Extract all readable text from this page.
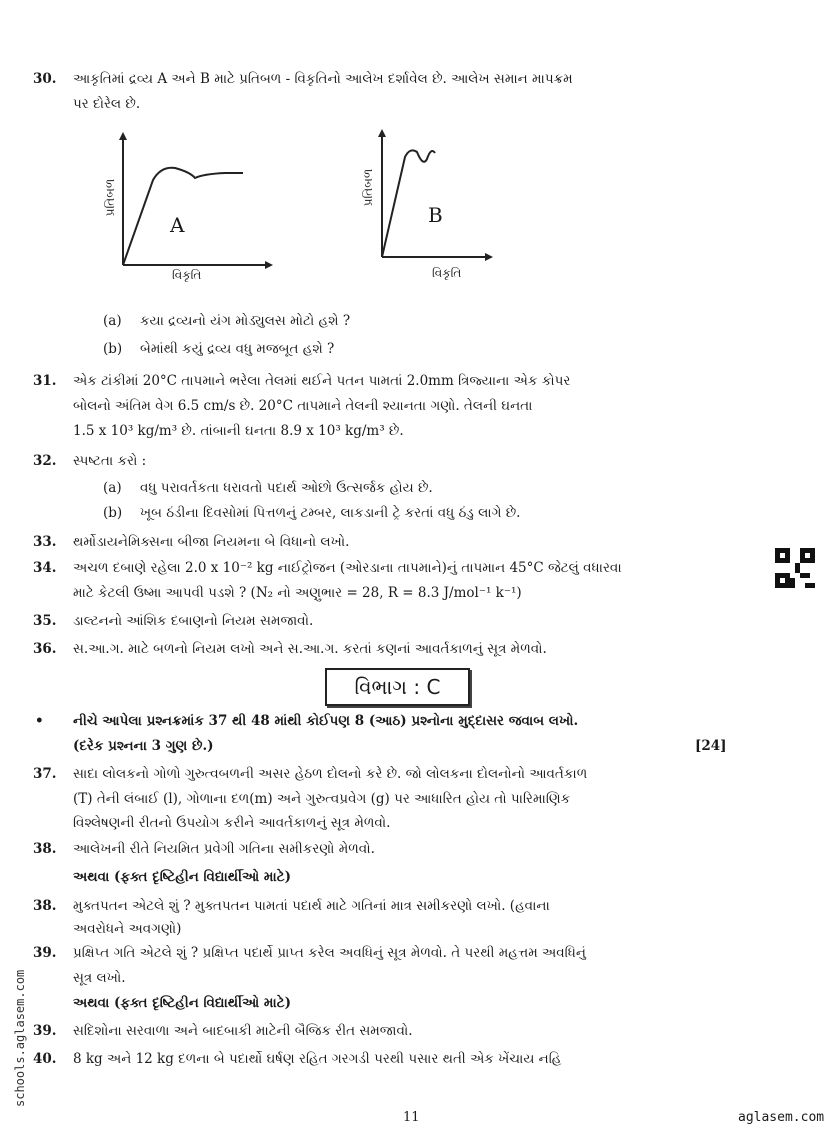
30. આકૃતિમાં દ્રવ્ય A અને B માટે પ્રતિબળ - વિકૃતિનો આલેખ દર્શાવેલ છે. આલેખ સમાન માપક્રમ
પર દોરેલ છે.
પ્રતિબળ
A
વિકૃતિ
પ્રતિબળ
B
વિકૃતિ
(a) કયા દ્રવ્યનો યંગ મોડ્યુલસ મોટો હશે ?
(b) બેમાંથી કયું દ્રવ્ય વધુ મજબૂત હશે ?
31. એક ટાંકીમાં 20°C તાપમાને ભરેલા તેલમાં થઈને પતન પામતાં 2.0mm ત્રિજ્યાના એક કોપર
બોલનો અંતિમ વેગ 6.5 cm/s છે. 20°C તાપમાને તેલની શ્યાનતા ગણો. તેલની ઘનતા
1.5 x 10³ kg/m³ છે. તાંબાની ઘનતા 8.9 x 10³ kg/m³ છે.
32. સ્પષ્ટતા કરો :
(a) વધુ પરાવર્તકતા ધરાવતો પદાર્થ ઓછો ઉત્સર્જક હોય છે.
(b) ખૂબ ઠંડીના દિવસોમાં પિત્તળનું ટમ્બર, લાકડાની ટ્રે કરતાં વધુ ઠંડુ લાગે છે.
33. થર્મોડાયનેમિક્સના બીજા નિયમના બે વિધાનો લખો.
34. અચળ દબાણે રહેલા 2.0 x 10⁻² kg નાઈટ્રોજન (ઓરડાના તાપમાને)નું તાપમાન 45°C જેટલું વધારવા
માટે કેટલી ઉષ્મા આપવી પડશે ? (N₂ નો અણુભાર = 28, R = 8.3 J/mol⁻¹ k⁻¹)
35. ડાલ્ટનનો આંશિક દબાણનો નિયમ સમજાવો.
36. સ.આ.ગ. માટે બળનો નિયમ લખો અને સ.આ.ગ. કરતાં કણનાં આવર્તકાળનું સૂત્ર મેળવો.
વિભાગ : C
• નીચે આપેલા પ્રશ્નક્રમાંક 37 થી 48 માંથી કોઈપણ 8 (આઠ) પ્રશ્નોના મુદ્દાસર જવાબ લખો.
(દરેક પ્રશ્નના 3 ગુણ છે.)	[24]
37. સાદા લોલકનો ગોળો ગુરુત્વબળની અસર હેઠળ દોલનો કરે છે. જો લોલકના દોલનોનો આવર્તકાળ
(T) તેની લંબાઈ (l), ગોળાના દળ(m) અને ગુરુત્વપ્રવેગ (g) પર આધારિત હોય તો પારિમાણિક
વિશ્લેષણની રીતનો ઉપયોગ કરીને આવર્તકાળનું સૂત્ર મેળવો.
38. આલેખની રીતે નિયમિત પ્રવેગી ગતિના સમીકરણો મેળવો.
અથવા (ફક્ત દૃષ્ટિહીન વિદ્યાર્થીઓ માટે)
38. મુક્તપતન એટલે શું ? મુક્તપતન પામતાં પદાર્થ માટે ગતિનાં માત્ર સમીકરણો લખો. (હવાના
અવરોધને અવગણો)
39. પ્રક્ષિપ્ત ગતિ એટલે શું ? પ્રક્ષિપ્ત પદાર્થે પ્રાપ્ત કરેલ અવધિનું સૂત્ર મેળવો. તે પરથી મહત્તમ અવધિનું
સૂત્ર લખો.
અથવા (ફક્ત દૃષ્ટિહીન વિદ્યાર્થીઓ માટે)
39. સદિશોના સરવાળા અને બાદબાકી માટેની બૈજિક રીત સમજાવો.
40. 8 kg અને 12 kg દળના બે પદાર્થો ઘર્ષણ રહિત ગરગડી પરથી પસાર થતી એક ખેંચાય નહિ
11	aglasem.com
schools.aglasem.com
